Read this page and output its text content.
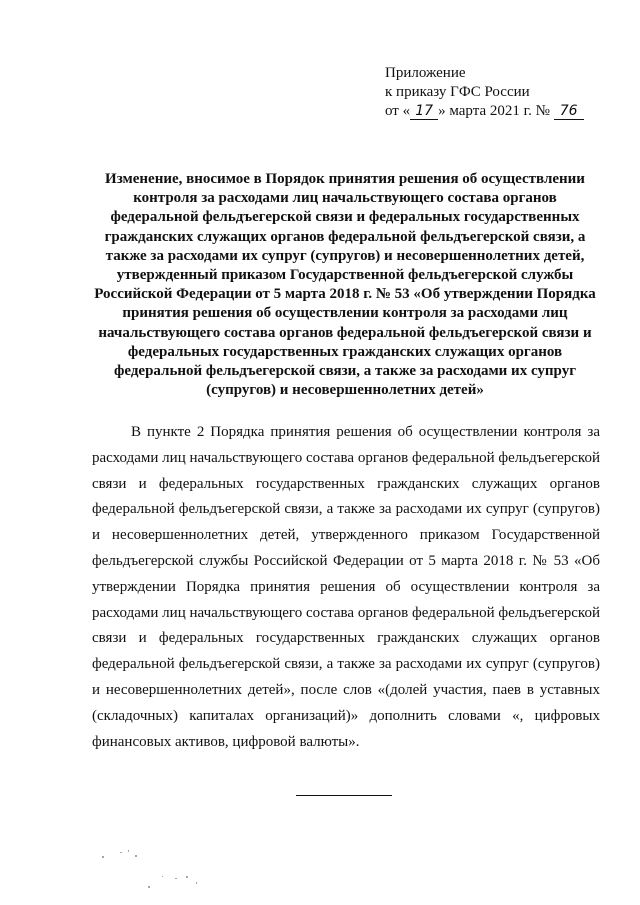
Приложение
к приказу ГФС России
от « 17 » марта 2021 г. № 76
Изменение, вносимое в Порядок принятия решения об осуществлении контроля за расходами лиц начальствующего состава органов федеральной фельдъегерской связи и федеральных государственных гражданских служащих органов федеральной фельдъегерской связи, а также за расходами их супруг (супругов) и несовершеннолетних детей, утвержденный приказом Государственной фельдъегерской службы Российской Федерации от 5 марта 2018 г. № 53 «Об утверждении Порядка принятия решения об осуществлении контроля за расходами лиц начальствующего состава органов федеральной фельдъегерской связи и федеральных государственных гражданских служащих органов федеральной фельдъегерской связи, а также за расходами их супруг (супругов) и несовершеннолетних детей»
В пункте 2 Порядка принятия решения об осуществлении контроля за расходами лиц начальствующего состава органов федеральной фельдъегерской связи и федеральных государственных гражданских служащих органов федеральной фельдъегерской связи, а также за расходами их супруг (супругов) и несовершеннолетних детей, утвержденного приказом Государственной фельдъегерской службы Российской Федерации от 5 марта 2018 г. № 53 «Об утверждении Порядка принятия решения об осуществлении контроля за расходами лиц начальствующего состава органов федеральной фельдъегерской связи и федеральных государственных гражданских служащих органов федеральной фельдъегерской связи, а также за расходами их супруг (супругов) и несовершеннолетних детей», после слов «(долей участия, паев в уставных (складочных) капиталах организаций)» дополнить словами «, цифровых финансовых активов, цифровой валюты».
